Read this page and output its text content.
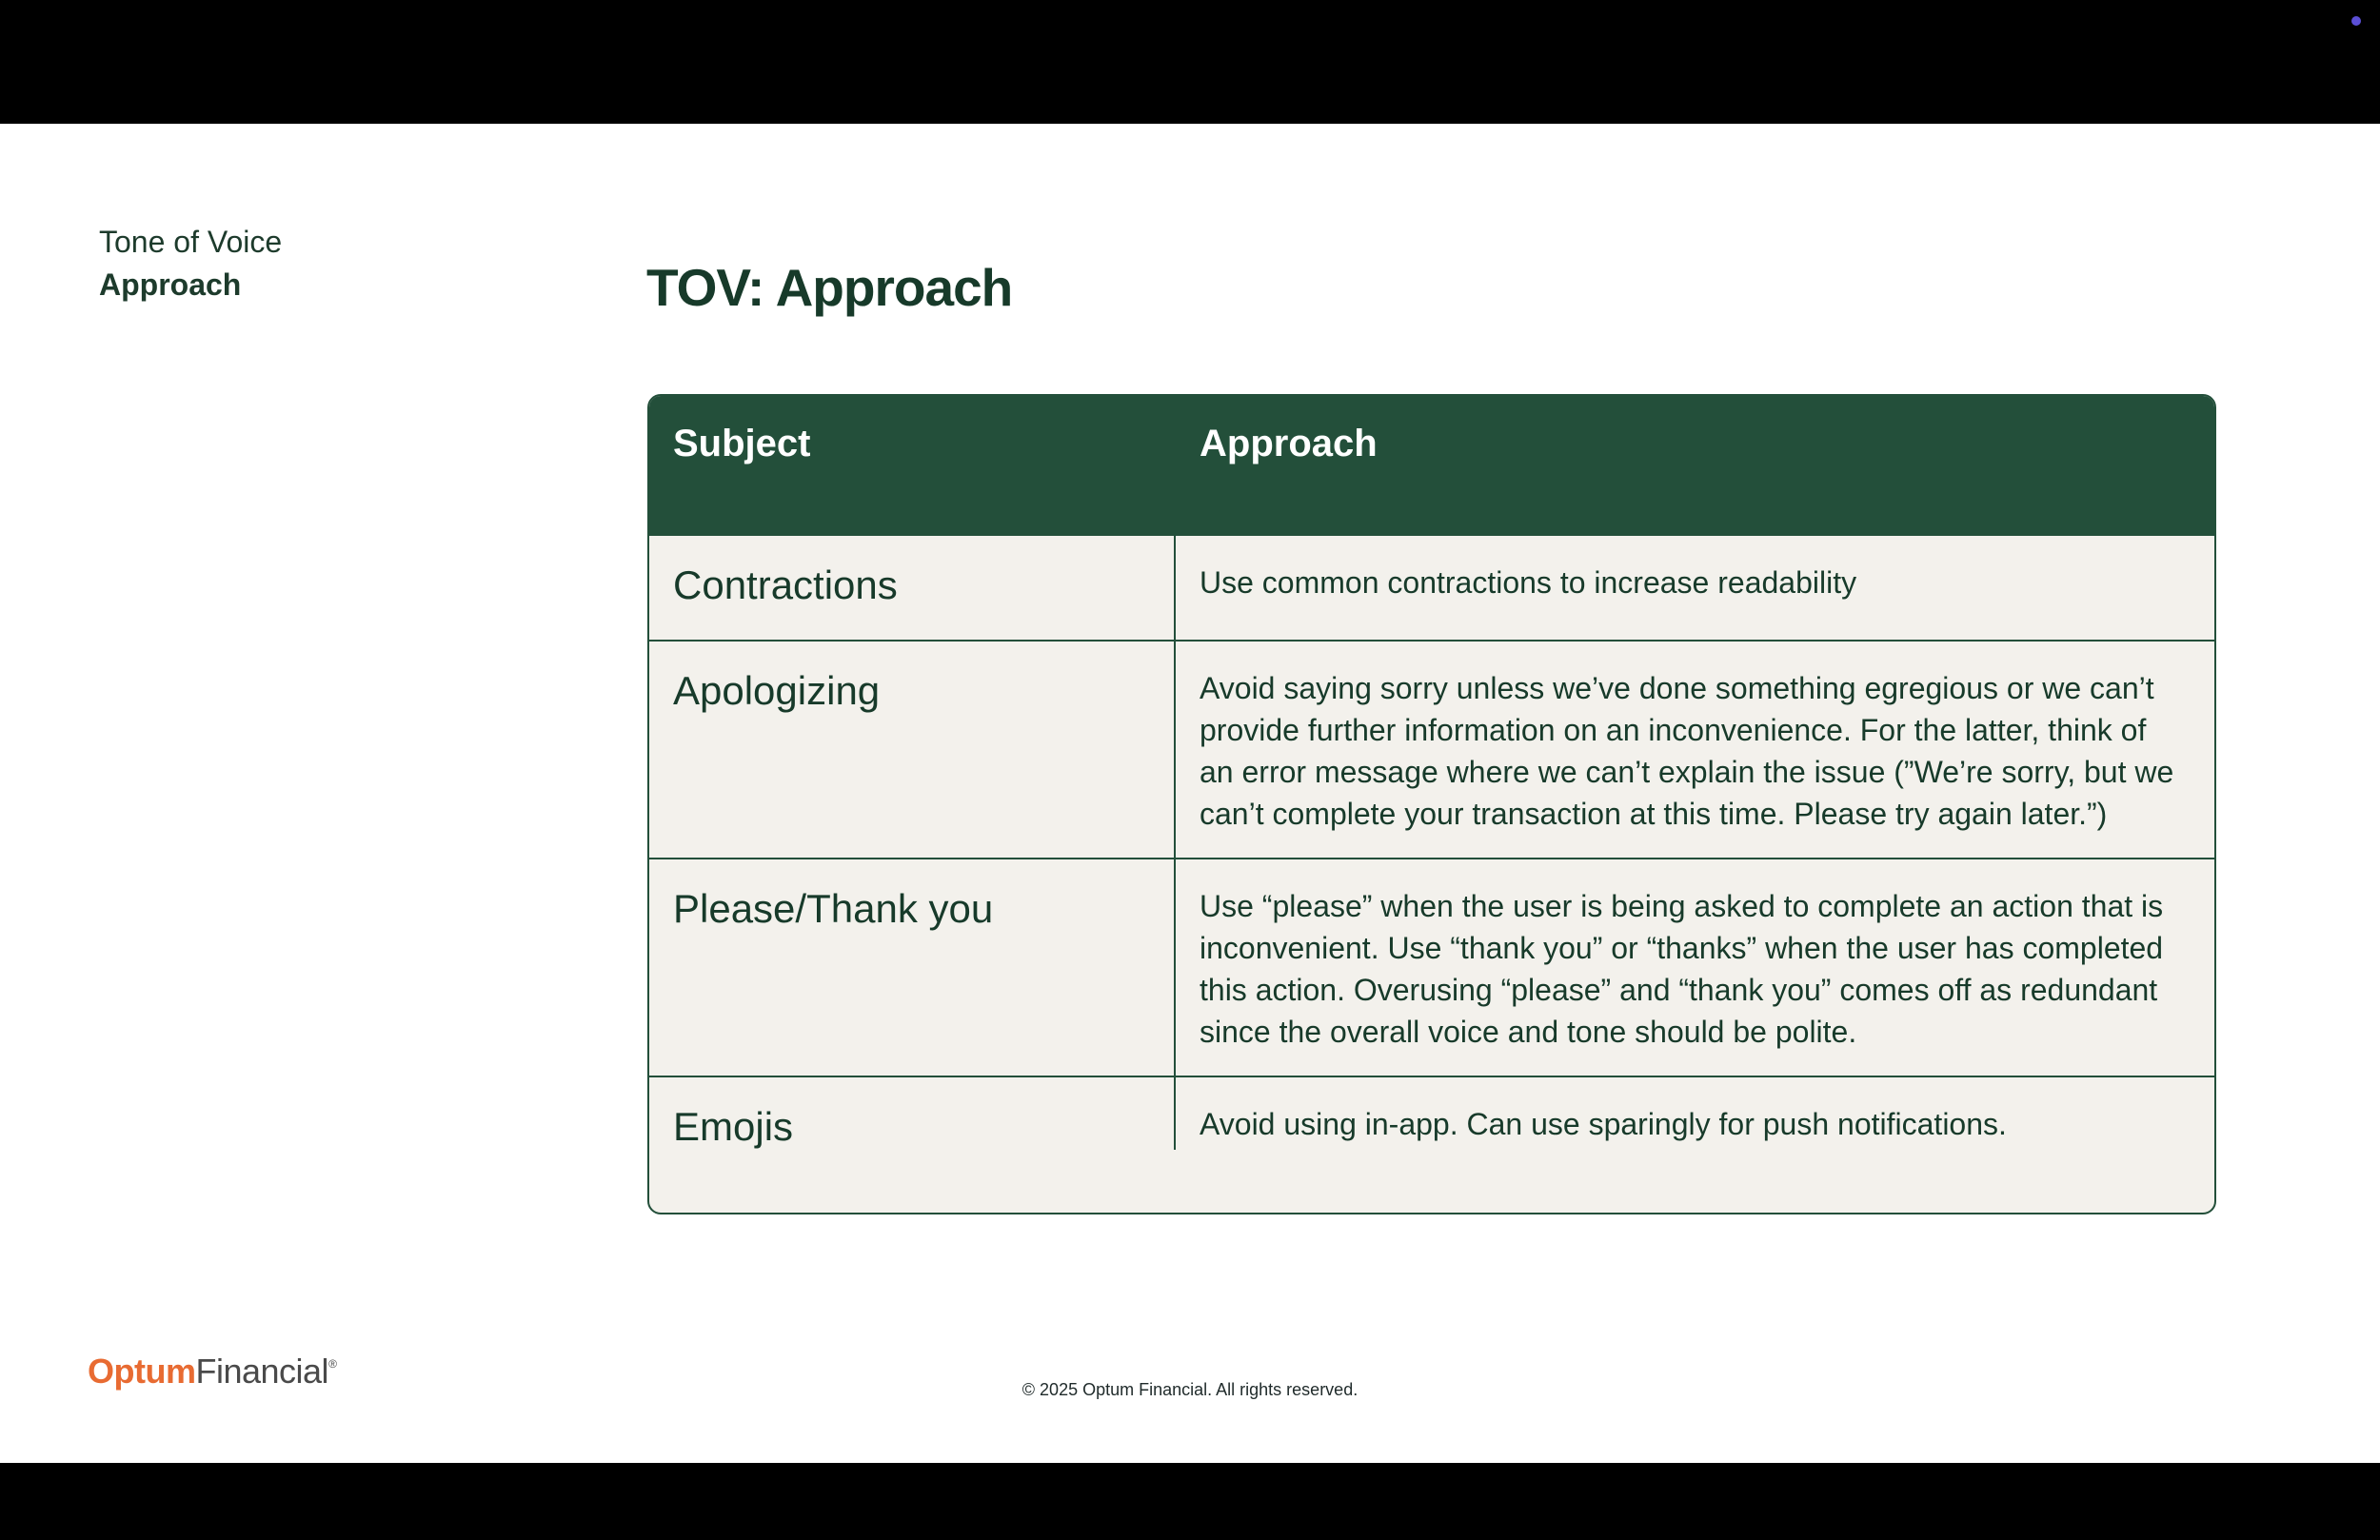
Tone of Voice
Approach	TOV: Approach
Subject	Approach
Contractions	Use common contractions to increase readability
Apologizing	Avoid saying sorry unless we’ve done something egregious or we can’t provide further information on an inconvenience. For the latter, think of an error message where we can’t explain the issue (”We’re sorry, but we can’t complete your transaction at this time. Please try again later.”)
Please/Thank you	Use “please” when the user is being asked to complete an action that is inconvenient. Use “thank you” or “thanks” when the user has completed this action. Overusing “please” and “thank you” comes off as redundant since the overall voice and tone should be polite.
Emojis	Avoid using in-app. Can use sparingly for push notifications.
OptumFinancial®
© 2025 Optum Financial. All rights reserved.
